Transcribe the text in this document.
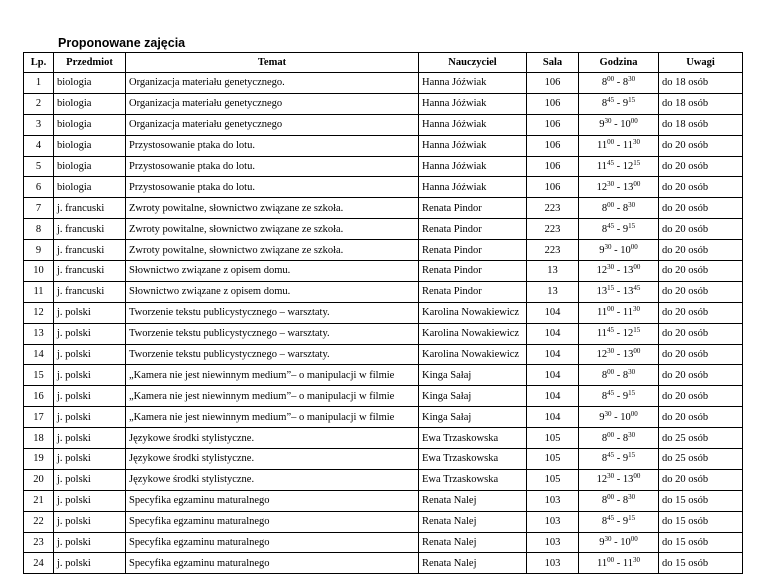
Proponowane zajęcia
Lp.	Przedmiot	Temat	Nauczyciel	Sala	Godzina	Uwagi
1	biologia	Organizacja materiału genetycznego.	Hanna Jóźwiak	106	$8^{00} - 8^{30}$	do 18 osób
2	biologia	Organizacja materiału genetycznego	Hanna Jóźwiak	106	$8^{45} - 9^{15}$	do 18 osób
3	biologia	Organizacja materiału genetycznego	Hanna Jóźwiak	106	$9^{30} - 10^{00}$	do 18 osób
4	biologia	Przystosowanie ptaka do lotu.	Hanna Jóźwiak	106	$11^{00} - 11^{30}$	do 20 osób
5	biologia	Przystosowanie ptaka do lotu.	Hanna Jóźwiak	106	$11^{45} - 12^{15}$	do 20 osób
6	biologia	Przystosowanie ptaka do lotu.	Hanna Jóźwiak	106	$12^{30} - 13^{00}$	do 20 osób
7	j. francuski	Zwroty powitalne, słownictwo związane ze szkoła.	Renata Pindor	223	$8^{00} - 8^{30}$	do 20 osób
8	j. francuski	Zwroty powitalne, słownictwo związane ze szkoła.	Renata Pindor	223	$8^{45} - 9^{15}$	do 20 osób
9	j. francuski	Zwroty powitalne, słownictwo związane ze szkoła.	Renata Pindor	223	$9^{30} - 10^{00}$	do 20 osób
10	j. francuski	Słownictwo związane z opisem domu.	Renata Pindor	13	$12^{30} - 13^{00}$	do 20 osób
11	j. francuski	Słownictwo związane z opisem domu.	Renata Pindor	13	$13^{15} - 13^{45}$	do 20 osób
12	j. polski	Tworzenie tekstu publicystycznego – warsztaty.	Karolina Nowakiewicz	104	$11^{00} - 11^{30}$	do 20 osób
13	j. polski	Tworzenie tekstu publicystycznego – warsztaty.	Karolina Nowakiewicz	104	$11^{45} - 12^{15}$	do 20 osób
14	j. polski	Tworzenie tekstu publicystycznego – warsztaty.	Karolina Nowakiewicz	104	$12^{30} - 13^{00}$	do 20 osób
15	j. polski	„Kamera nie jest niewinnym medium”– o manipulacji w filmie	Kinga Sałaj	104	$8^{00} - 8^{30}$	do 20 osób
16	j. polski	„Kamera nie jest niewinnym medium”– o manipulacji w filmie	Kinga Sałaj	104	$8^{45} - 9^{15}$	do 20 osób
17	j. polski	„Kamera nie jest niewinnym medium”– o manipulacji w filmie	Kinga Sałaj	104	$9^{30} - 10^{00}$	do 20 osób
18	j. polski	Językowe środki stylistyczne.	Ewa Trzaskowska	105	$8^{00} - 8^{30}$	do 25 osób
19	j. polski	Językowe środki stylistyczne.	Ewa Trzaskowska	105	$8^{45} - 9^{15}$	do 25 osób
20	j. polski	Językowe środki stylistyczne.	Ewa Trzaskowska	105	$12^{30} - 13^{00}$	do 20 osób
21	j. polski	Specyfika egzaminu maturalnego	Renata Nalej	103	$8^{00} - 8^{30}$	do 15 osób
22	j. polski	Specyfika egzaminu maturalnego	Renata Nalej	103	$8^{45} - 9^{15}$	do 15 osób
23	j. polski	Specyfika egzaminu maturalnego	Renata Nalej	103	$9^{30} - 10^{00}$	do 15 osób
24	j. polski	Specyfika egzaminu maturalnego	Renata Nalej	103	$11^{00} - 11^{30}$	do 15 osób
